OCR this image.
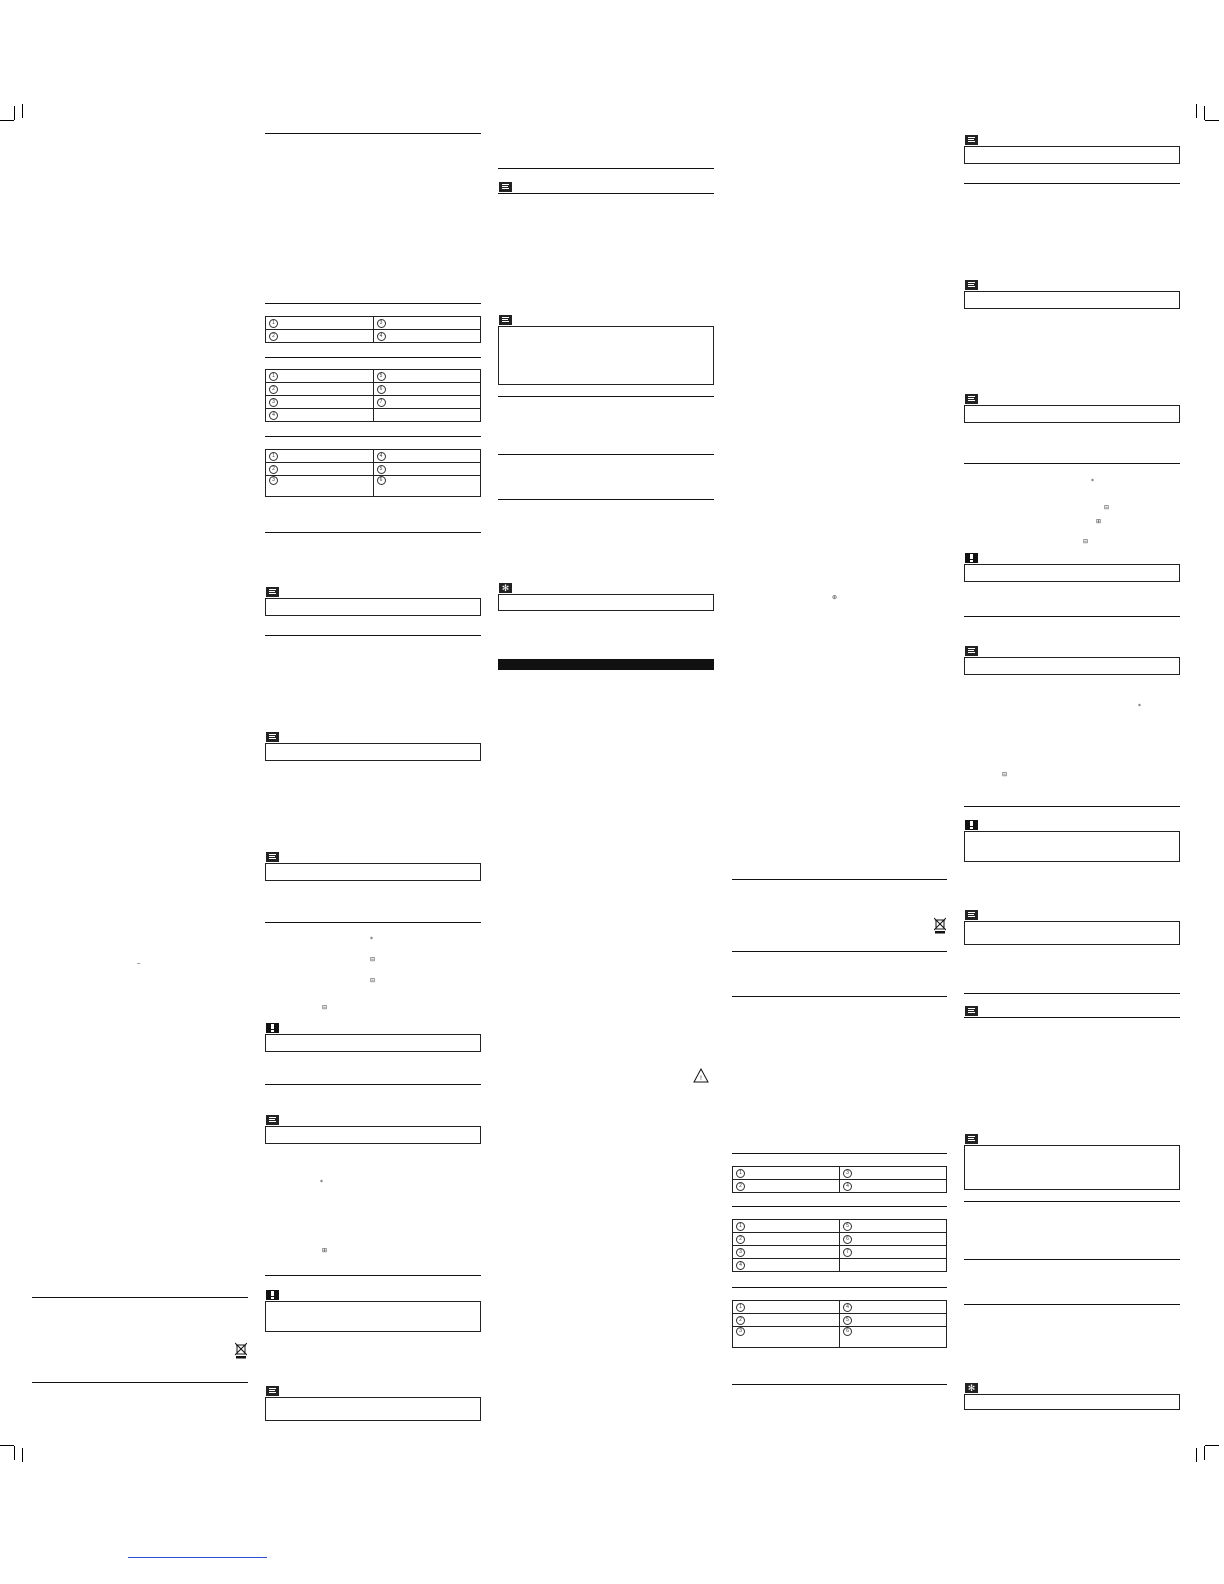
–
1	3
2	4
1	5
2	6
3	7
4	
1	4
2	5
3	6
⁎
⊟
⊟
⊟
⁎
⊞
✻
!
⊛
1	3
2	4
1	5
2	6
3	7
4	
1	4
2	5
3	6
⁎
⊟
⊞
⊟
⁎
⊟
✻
